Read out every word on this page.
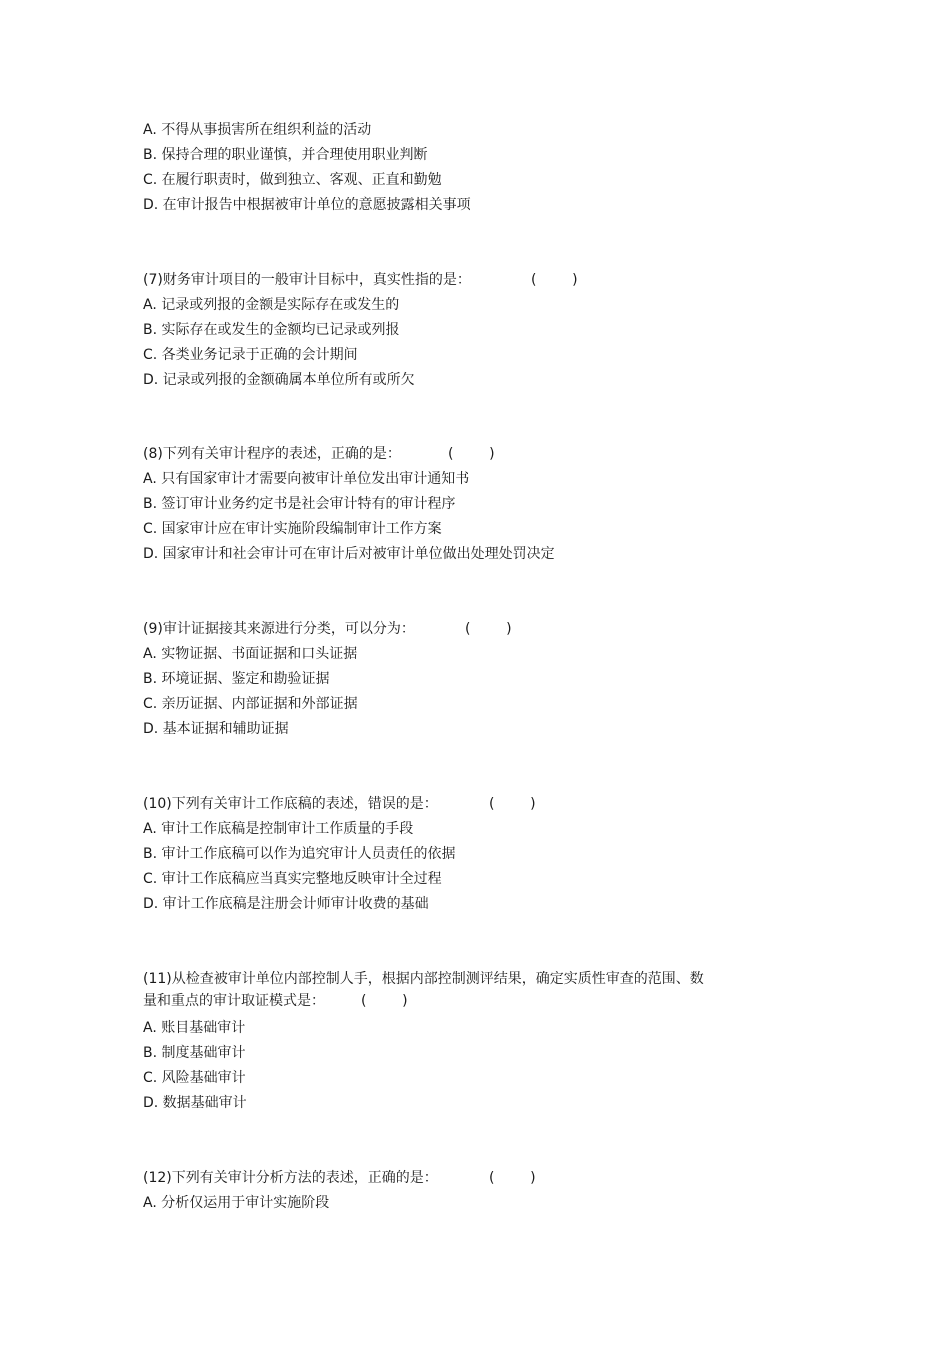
A. 不得从事损害所在组织利益的活动
B. 保持合理的职业谨慎，并合理使用职业判断
C. 在履行职责时，做到独立、客观、正直和勤勉
D. 在审计报告中根据被审计单位的意愿披露相关事项
(7)财务审计项目的一般审计目标中，真实性指的是：	(        )
A. 记录或列报的金额是实际存在或发生的
B. 实际存在或发生的金额均已记录或列报
C. 各类业务记录于正确的会计期间
D. 记录或列报的金额确属本单位所有或所欠
(8)下列有关审计程序的表述，正确的是：	(        )
A. 只有国家审计才需要向被审计单位发出审计通知书
B. 签订审计业务约定书是社会审计特有的审计程序
C. 国家审计应在审计实施阶段编制审计工作方案
D. 国家审计和社会审计可在审计后对被审计单位做出处理处罚决定
(9)审计证据接其来源进行分类，可以分为：	(        )
A. 实物证据、书面证据和口头证据
B. 环境证据、鉴定和勘验证据
C. 亲历证据、内部证据和外部证据
D. 基本证据和辅助证据
(10)下列有关审计工作底稿的表述，错误的是：	(        )
A. 审计工作底稿是控制审计工作质量的手段
B. 审计工作底稿可以作为追究审计人员责任的依据
C. 审计工作底稿应当真实完整地反映审计全过程
D. 审计工作底稿是注册会计师审计收费的基础
(11)从检查被审计单位内部控制人手，根据内部控制测评结果，确定实质性审查的范围、数
量和重点的审计取证模式是：	(        )
A. 账目基础审计
B. 制度基础审计
C. 风险基础审计
D. 数据基础审计
(12)下列有关审计分析方法的表述，正确的是：	(        )
A. 分析仅运用于审计实施阶段
